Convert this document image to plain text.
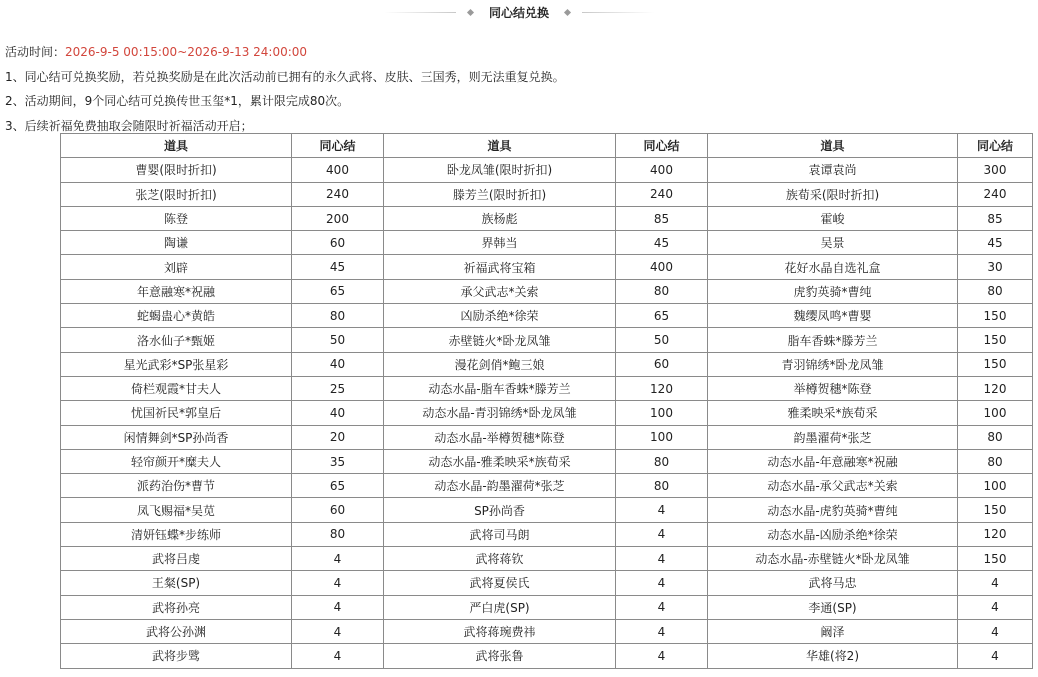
同心结兑换
活动时间：2026-9-5 00:15:00~2026-9-13 24:00:00
1、同心结可兑换奖励，若兑换奖励是在此次活动前已拥有的永久武将、皮肤、三国秀，则无法重复兑换。
2、活动期间，9个同心结可兑换传世玉玺*1，累计限完成80次。
3、后续祈福免费抽取会随限时祈福活动开启；
道具	同心结	道具	同心结	道具	同心结
曹婴(限时折扣)	400	卧龙凤雏(限时折扣)	400	袁谭袁尚	300
张芝(限时折扣)	240	滕芳兰(限时折扣)	240	族荀采(限时折扣)	240
陈登	200	族杨彪	85	霍峻	85
陶谦	60	界韩当	45	吴景	45
刘辟	45	祈福武将宝箱	400	花好水晶自选礼盒	30
年意融寒*祝融	65	承父武志*关索	80	虎豹英骑*曹纯	80
蛇蝎蛊心*黄皓	80	凶励杀绝*徐荣	65	魏缨凤鸣*曹婴	150
洛水仙子*甄姬	50	赤壁链火*卧龙凤雏	50	脂车香蛛*滕芳兰	150
星光武彩*SP张星彩	40	漫花剑俏*鲍三娘	60	青羽锦绣*卧龙凤雏	150
倚栏观霞*甘夫人	25	动态水晶-脂车香蛛*滕芳兰	120	举樽贺穗*陈登	120
忧国祈民*郭皇后	40	动态水晶-青羽锦绣*卧龙凤雏	100	雅柔映采*族荀采	100
闲情舞剑*SP孙尚香	20	动态水晶-举樽贺穗*陈登	100	韵墨濯荷*张芝	80
轻帘颜开*糜夫人	35	动态水晶-雅柔映采*族荀采	80	动态水晶-年意融寒*祝融	80
派药治伤*曹节	65	动态水晶-韵墨濯荷*张芝	80	动态水晶-承父武志*关索	100
凤飞赐福*吴苋	60	SP孙尚香	4	动态水晶-虎豹英骑*曹纯	150
清妍钰蝶*步练师	80	武将司马朗	4	动态水晶-凶励杀绝*徐荣	120
武将吕虔	4	武将蒋钦	4	动态水晶-赤壁链火*卧龙凤雏	150
王粲(SP)	4	武将夏侯氏	4	武将马忠	4
武将孙亮	4	严白虎(SP)	4	李通(SP)	4
武将公孙渊	4	武将蒋琬费祎	4	阚泽	4
武将步骘	4	武将张鲁	4	华雄(将2)	4
